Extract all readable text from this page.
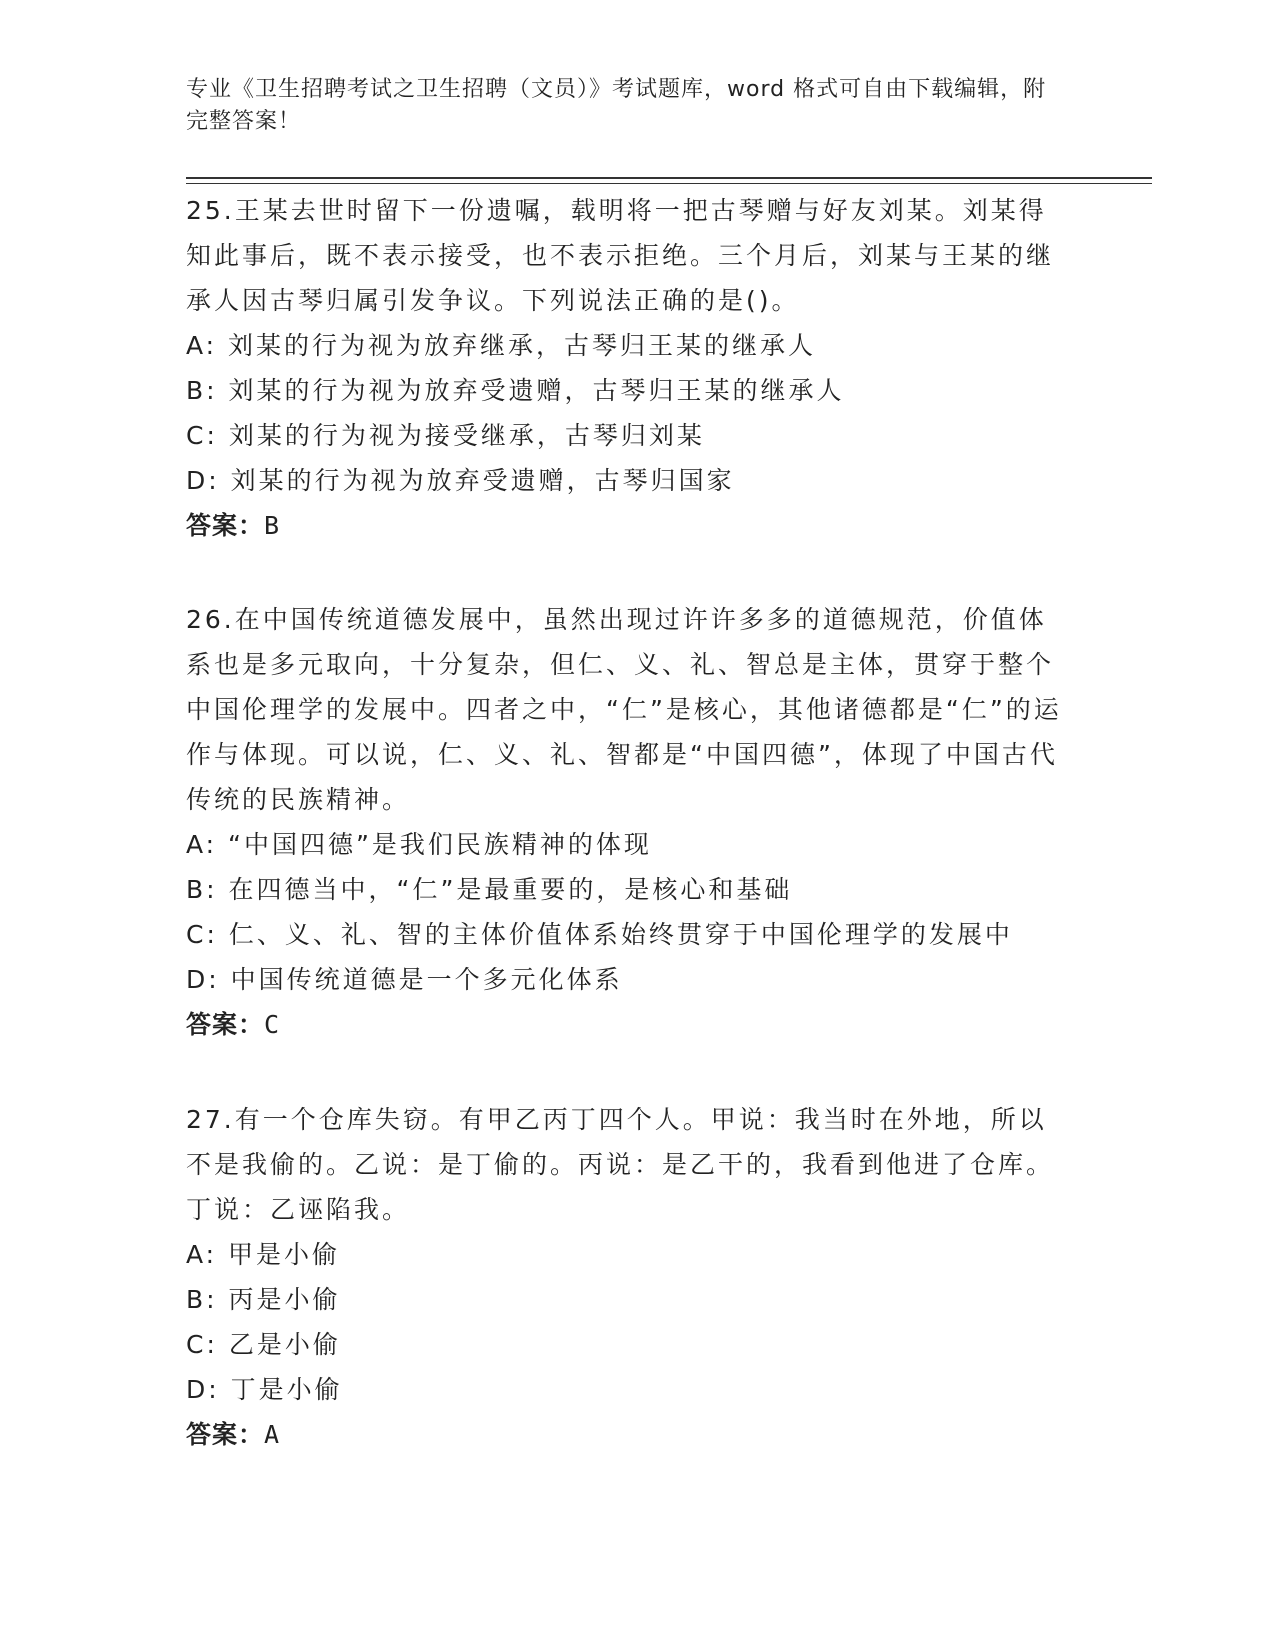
专业《卫生招聘考试之卫生招聘（文员）》考试题库，word 格式可自由下载编辑，附完整答案！

25.王某去世时留下一份遗嘱，载明将一把古琴赠与好友刘某。刘某得知此事后，既不表示接受，也不表示拒绝。三个月后，刘某与王某的继承人因古琴归属引发争议。下列说法正确的是()。

A: 刘某的行为视为放弃继承，古琴归王某的继承人
B: 刘某的行为视为放弃受遗赠，古琴归王某的继承人
C: 刘某的行为视为接受继承，古琴归刘某
D: 刘某的行为视为放弃受遗赠，古琴归国家
答案：B

26.在中国传统道德发展中，虽然出现过许许多多的道德规范，价值体系也是多元取向，十分复杂，但仁、义、礼、智总是主体，贯穿于整个中国伦理学的发展中。四者之中，“仁”是核心，其他诸德都是“仁”的运作与体现。可以说，仁、义、礼、智都是“中国四德”，体现了中国古代传统的民族精神。

A: “中国四德”是我们民族精神的体现
B: 在四德当中，“仁”是最重要的，是核心和基础
C: 仁、义、礼、智的主体价值体系始终贯穿于中国伦理学的发展中
D: 中国传统道德是一个多元化体系
答案：C

27.有一个仓库失窃。有甲乙丙丁四个人。甲说：我当时在外地，所以不是我偷的。乙说：是丁偷的。丙说：是乙干的，我看到他进了仓库。丁说：乙诬陷我。

A: 甲是小偷
B: 丙是小偷
C: 乙是小偷
D: 丁是小偷
答案：A
